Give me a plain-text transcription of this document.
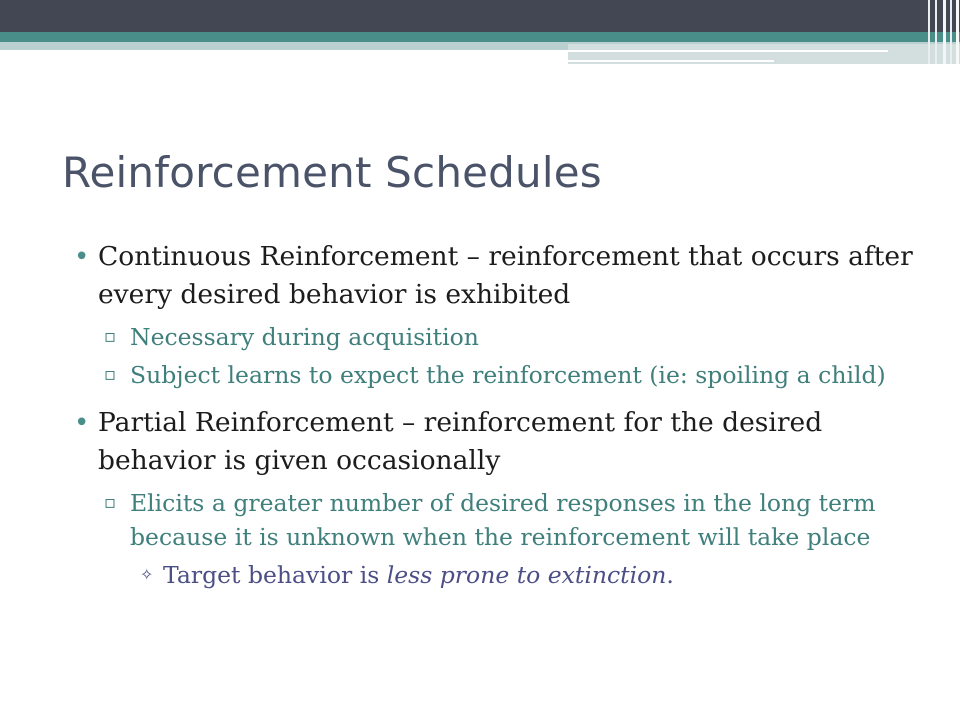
Reinforcement Schedules
• Continuous Reinforcement – reinforcement that occurs after every desired behavior is exhibited
▫ Necessary during acquisition
▫ Subject learns to expect the reinforcement (ie: spoiling a child)
• Partial Reinforcement – reinforcement for the desired behavior is given occasionally
▫ Elicits a greater number of desired responses in the long term because it is unknown when the reinforcement will take place
✧ Target behavior is less prone to extinction.
